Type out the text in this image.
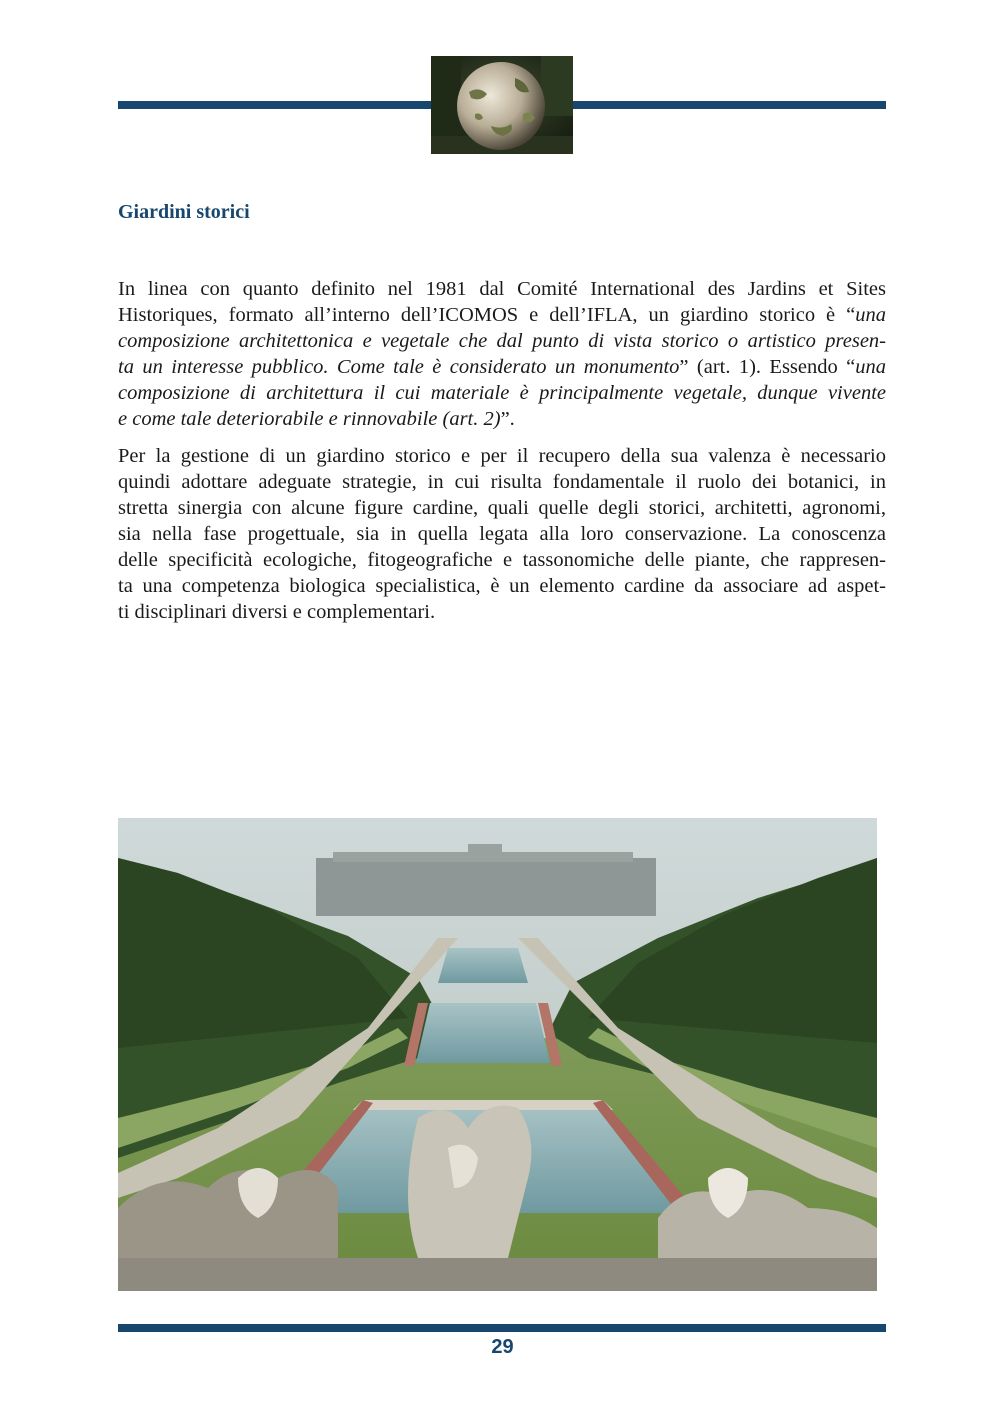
Giardini storici
In linea con quanto definito nel 1981 dal Comité International des Jardins et Sites
Historiques, formato all’interno dell’ICOMOS e dell’IFLA, un giardino storico è “una
composizione architettonica e vegetale che dal punto di vista storico o artistico presen-
ta un interesse pubblico. Come tale è considerato un monumento” (art. 1). Essendo “una
composizione di architettura il cui materiale è principalmente vegetale, dunque vivente
e come tale deteriorabile e rinnovabile (art. 2)”.
Per la gestione di un giardino storico e per il recupero della sua valenza è necessario
quindi adottare adeguate strategie, in cui risulta fondamentale il ruolo dei botanici, in
stretta sinergia con alcune figure cardine, quali quelle degli storici, architetti, agronomi,
sia nella fase progettuale, sia in quella legata alla loro conservazione. La conoscenza
delle specificità ecologiche, fitogeografiche e tassonomiche delle piante, che rappresen-
ta una competenza biologica specialistica, è un elemento cardine da associare ad aspet-
ti disciplinari diversi e complementari.
29
